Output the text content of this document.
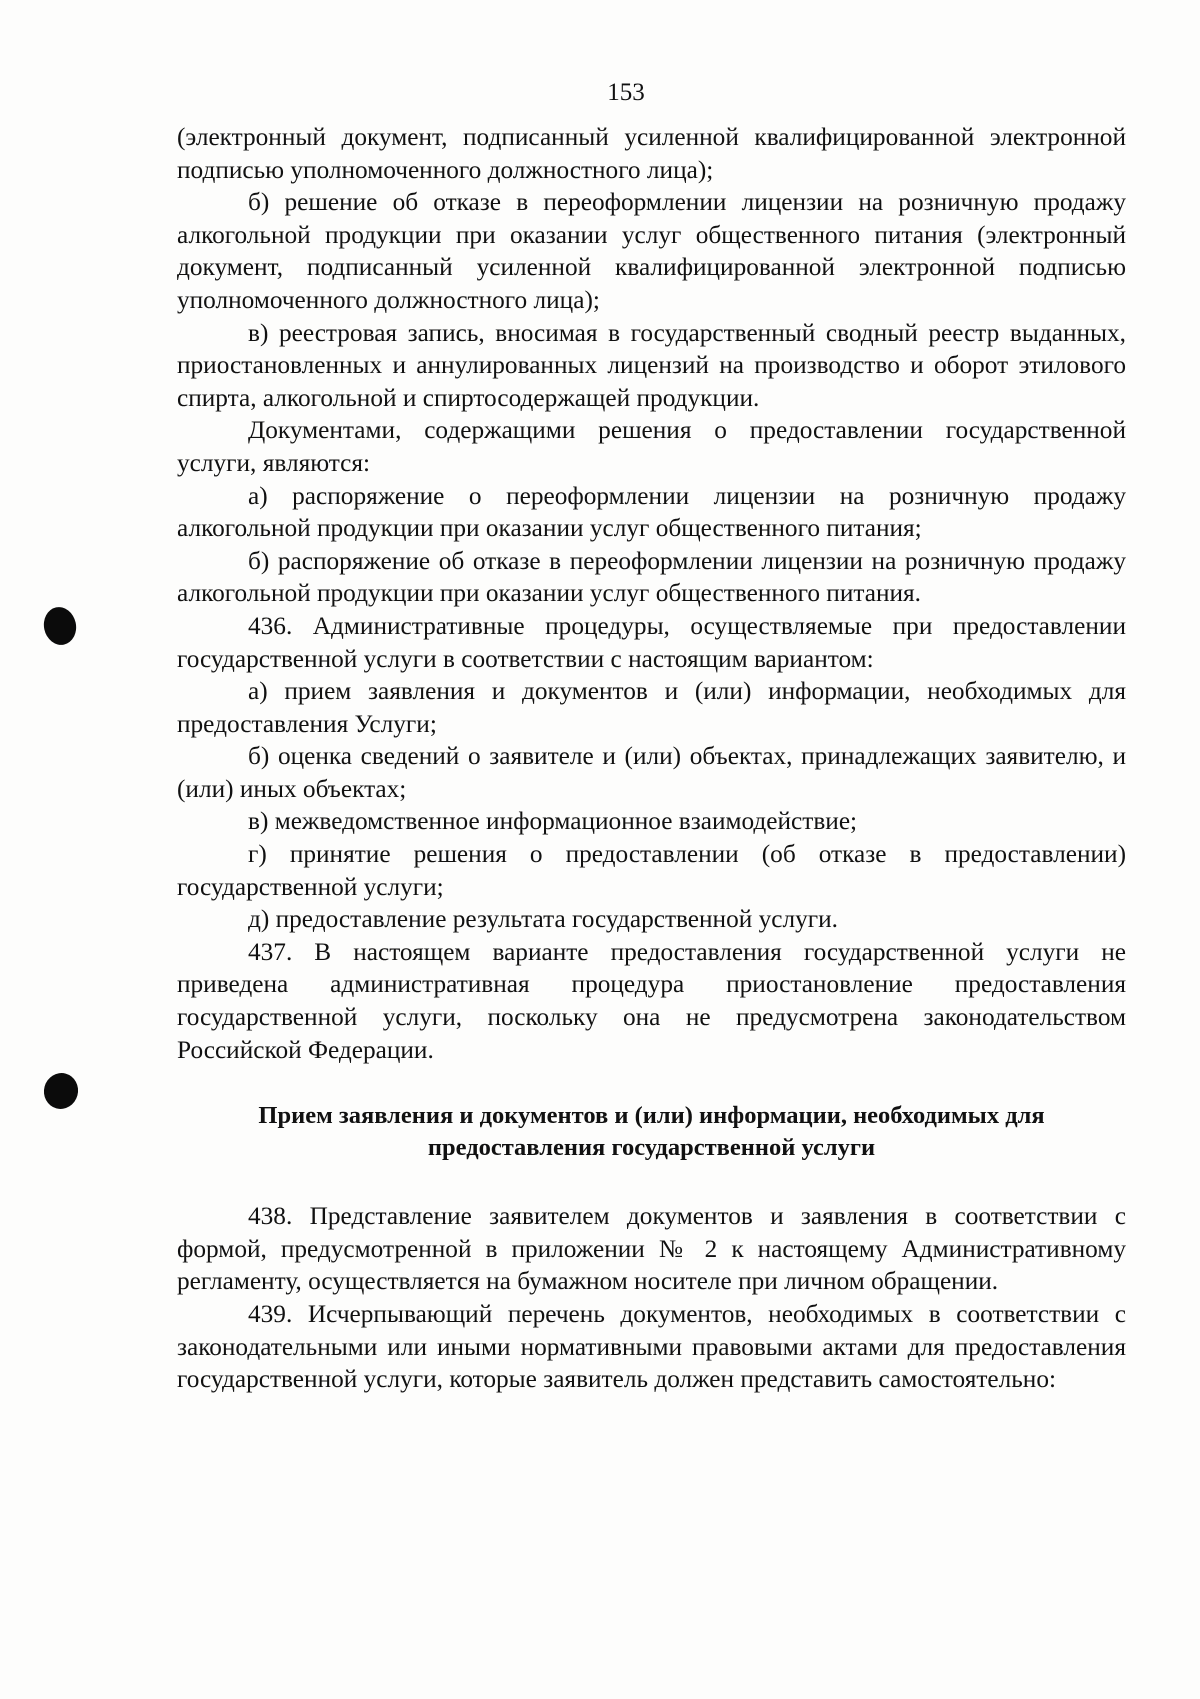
153

(электронный документ, подписанный усиленной квалифицированной электронной подписью уполномоченного должностного лица);

б) решение об отказе в переоформлении лицензии на розничную продажу алкогольной продукции при оказании услуг общественного питания (электронный документ, подписанный усиленной квалифицированной электронной подписью уполномоченного должностного лица);

в) реестровая запись, вносимая в государственный сводный реестр выданных, приостановленных и аннулированных лицензий на производство и оборот этилового спирта, алкогольной и спиртосодержащей продукции.

Документами, содержащими решения о предоставлении государственной услуги, являются:

а) распоряжение о переоформлении лицензии на розничную продажу алкогольной продукции при оказании услуг общественного питания;

б) распоряжение об отказе в переоформлении лицензии на розничную продажу алкогольной продукции при оказании услуг общественного питания.

436. Административные процедуры, осуществляемые при предоставлении государственной услуги в соответствии с настоящим вариантом:

а) прием заявления и документов и (или) информации, необходимых для предоставления Услуги;

б) оценка сведений о заявителе и (или) объектах, принадлежащих заявителю, и (или) иных объектах;

в) межведомственное информационное взаимодействие;

г) принятие решения о предоставлении (об отказе в предоставлении) государственной услуги;

д) предоставление результата государственной услуги.

437. В настоящем варианте предоставления государственной услуги не приведена административная процедура приостановление предоставления государственной услуги, поскольку она не предусмотрена законодательством Российской Федерации.

Прием заявления и документов и (или) информации, необходимых для предоставления государственной услуги

438. Представление заявителем документов и заявления в соответствии с формой, предусмотренной в приложении № 2 к настоящему Административному регламенту, осуществляется на бумажном носителе при личном обращении.

439. Исчерпывающий перечень документов, необходимых в соответствии с законодательными или иными нормативными правовыми актами для предоставления государственной услуги, которые заявитель должен представить самостоятельно:
